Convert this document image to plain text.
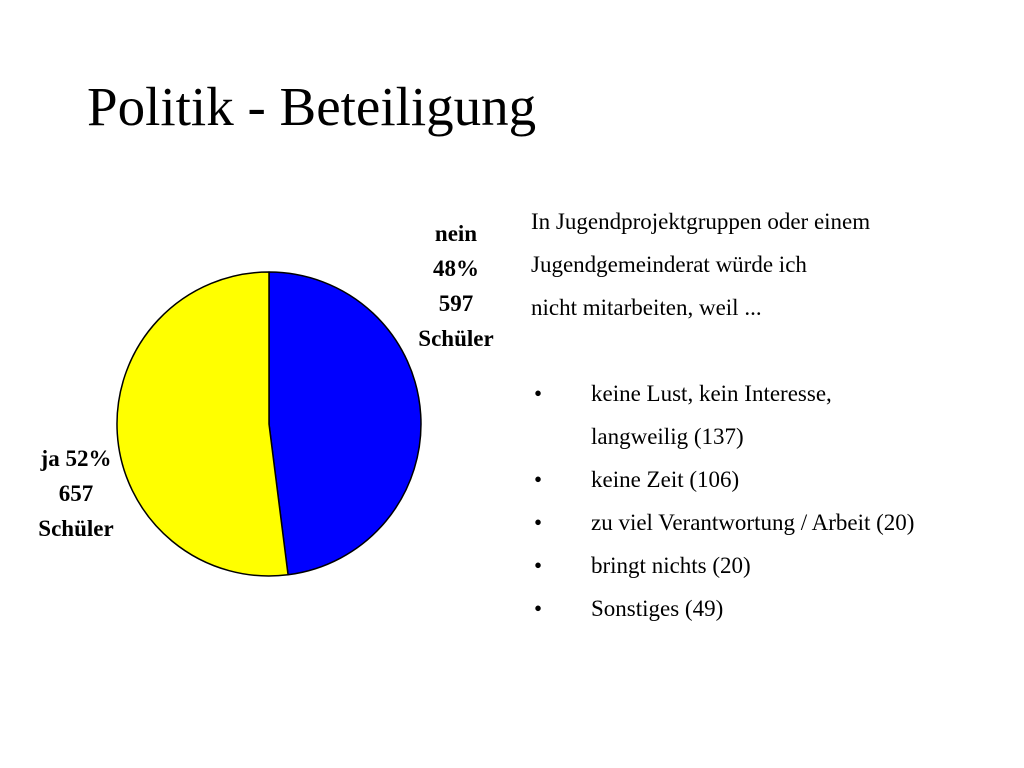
Politik - Beteiligung
nein
48%
597
Schüler
ja 52%
657
Schüler

In Jugendprojektgruppen oder einem

Jugendgemeinderat würde ich

nicht mitarbeiten, weil ...

•	keine Lust, kein Interesse,

langweilig (137)

•	keine Zeit (106)

•	zu viel Verantwortung / Arbeit (20)

•	bringt nichts (20)

•	Sonstiges (49)
